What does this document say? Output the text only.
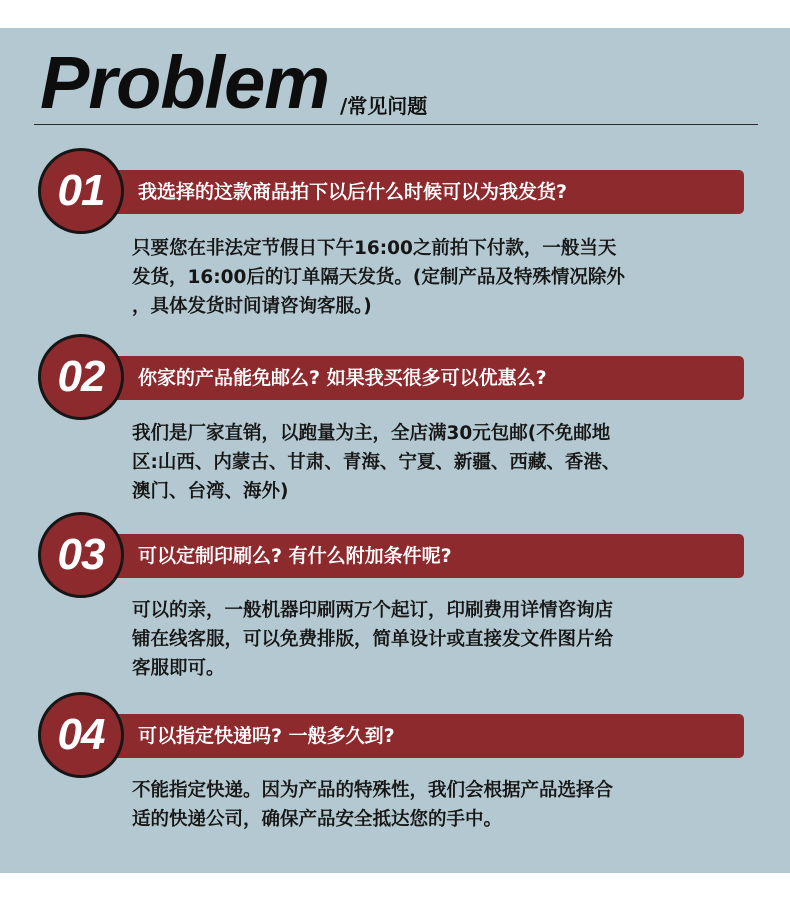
Problem /常见问题
我选择的这款商品拍下以后什么时候可以为我发货?
01
只要您在非法定节假日下午16:00之前拍下付款，一般当天
发货，16:00后的订单隔天发货。(定制产品及特殊情况除外
，具体发货时间请咨询客服。)
你家的产品能免邮么? 如果我买很多可以优惠么?
02
我们是厂家直销，以跑量为主，全店满30元包邮(不免邮地
区:山西、内蒙古、甘肃、青海、宁夏、新疆、西藏、香港、
澳门、台湾、海外)
可以定制印刷么? 有什么附加条件呢?
03
可以的亲，一般机器印刷两万个起订，印刷费用详情咨询店
铺在线客服，可以免费排版，简单设计或直接发文件图片给
客服即可。
可以指定快递吗? 一般多久到?
04
不能指定快递。因为产品的特殊性，我们会根据产品选择合
适的快递公司，确保产品安全抵达您的手中。
